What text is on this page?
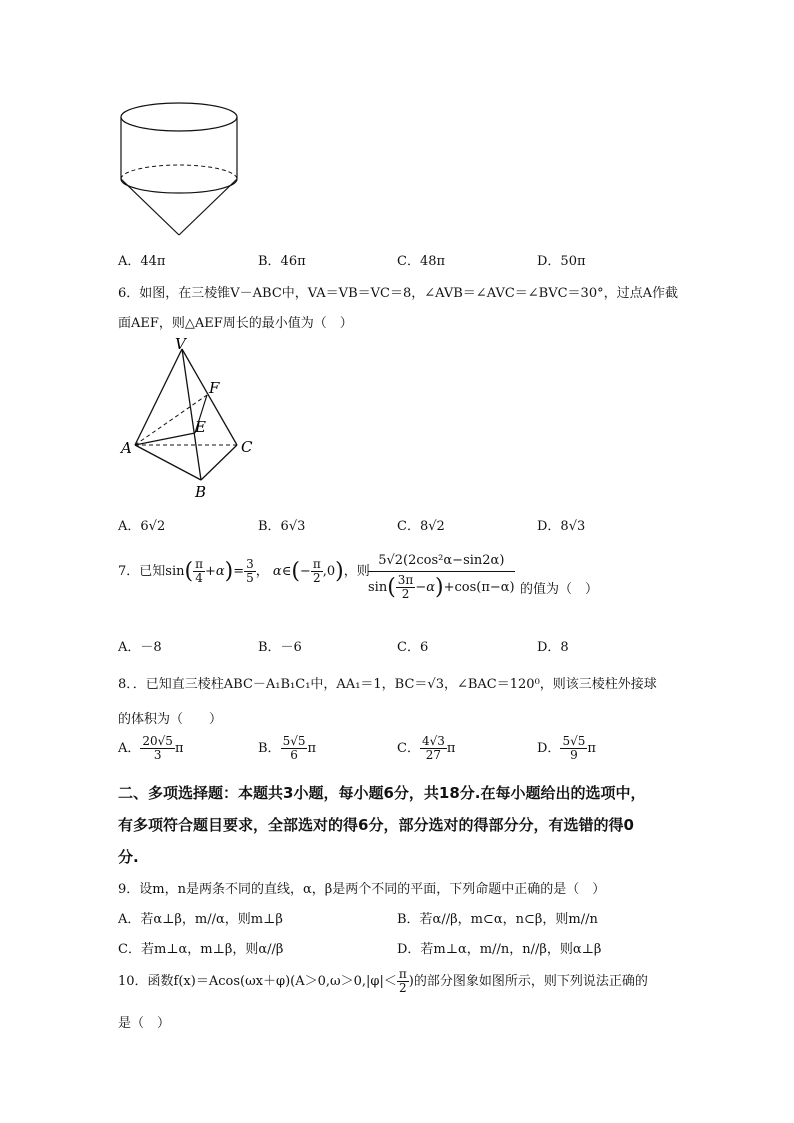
A．44π	B．46π	C．48π	D．50π
6．如图，在三棱锥V－ABC中，VA＝VB＝VC＝8，∠AVB＝∠AVC＝∠BVC＝30°，过点A作截
面AEF，则△AEF周长的最小值为（　）
V
F
E
A	C
B
A．6√2	B．6√3	C．8√2	D．8√3
7．已知$\sin( \frac{\pi}{4} +\alpha)= \frac{3}{5}$ ， α∈(− $\frac{\pi}{2} ,0$)，则
$\frac{\text{5√2(2cos²α−sin2α)}}{\sin( \frac{3\pi}{2} -\alpha)+\cos(\pi-\alpha)}$ 的值为（　）
A．－8	B．－6	C．6	D．8
8．．已知直三棱柱ABC－A₁B₁C₁中，AA₁＝1，BC＝√3，∠BAC＝120⁰，则该三棱柱外接球
的体积为（　　）
A． $\frac{20√5}{3}$ π	B． $\frac{5√5}{6}$ π	C． $\frac{4√3}{27}$ π	D． $\frac{5√5}{9}$ π
二、多项选择题：本题共3小题，每小题6分，共18分.在每小题给出的选项中，
有多项符合题目要求，全部选对的得6分，部分选对的得部分分，有选错的得0
分.
9．设m，n是两条不同的直线，α，β是两个不同的平面，下列命题中正确的是（　）
A．若α⊥β，m//α，则m⊥β	B．若α//β，m⊂α，n⊂β，则m//n
C．若m⊥α，m⊥β，则α//β	D．若m⊥α，m//n，n//β，则α⊥β
10．函数$f(x)=Acos(\omega x+\varphi)(A>0,\omega>0,|\varphi|< \frac{\pi}{2}$ )的部分图象如图所示，则下列说法正确的
是（　）
